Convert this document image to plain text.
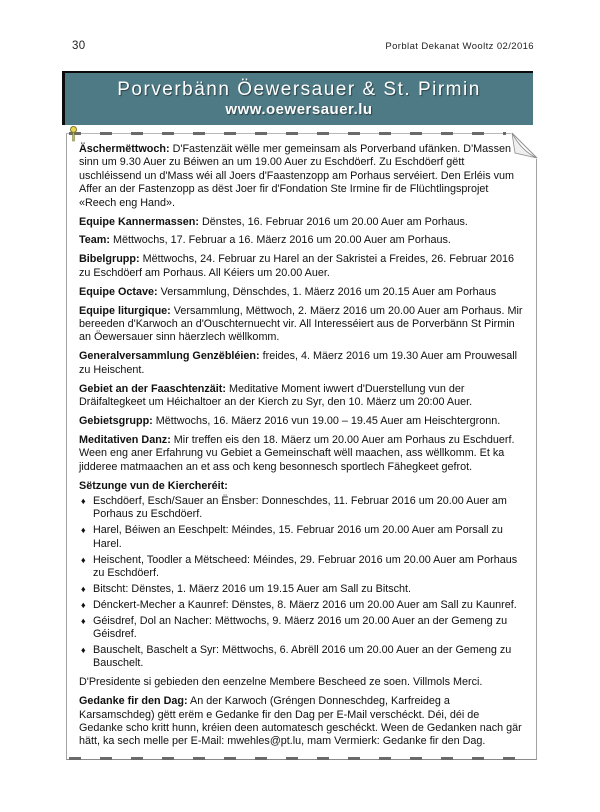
30	Porblat Dekanat Wooltz 02/2016
Porverbänn Öewersauer & St. Pirmin
www.oewersauer.lu

Äschermëttwoch: D'Fastenzäit wëlle mer gemeinsam als Porverband ufänken. D'Massen sinn um 9.30 Auer zu Béiwen an um 19.00 Auer zu Eschdöerf. Zu Eschdöerf gëtt uschléissend un d'Mass wéi all Joers d'Faastenzopp am Porhaus servéiert. Den Erléis vum Affer an der Fastenzopp as dëst Joer fir d'Fondation Ste Irmine fir de Flüchtlingsprojet «Reech eng Hand».

Equipe Kannermassen: Dënstes, 16. Februar 2016 um 20.00 Auer am Porhaus.

Team: Mëttwochs, 17. Februar a 16. Mäerz 2016 um 20.00 Auer am Porhaus.

Bibelgrupp: Mëttwochs, 24. Februar zu Harel an der Sakristei a Freides, 26. Februar 2016 zu Eschdöerf am Porhaus. All Kéiers um 20.00 Auer.

Equipe Octave: Versammlung, Dënschdes, 1. Mäerz 2016 um 20.15 Auer am Porhaus

Equipe liturgique: Versammlung, Mëttwoch, 2. Mäerz 2016 um 20.00 Auer am Porhaus. Mir bereeden d'Karwoch an d'Ouschternuecht vir. All Interesséiert aus de Porverbänn St Pirmin an Öewersauer sinn häerzlech wëllkomm.

Generalversammlung Genzëbléien: freides, 4. Mäerz 2016 um 19.30 Auer am Prouwesall zu Heischent.

Gebiet an der Faaschtenzäit: Meditative Moment iwwert d'Duerstellung vun der Dräifaltegkeet um Héichaltoer an der Kierch zu Syr, den 10. Mäerz um 20:00 Auer.

Gebietsgrupp: Mëttwochs, 16. Mäerz 2016 vun 19.00 – 19.45 Auer am Heischtergronn.

Meditativen Danz: Mir treffen eis den 18. Mäerz um 20.00 Auer am Porhaus zu Eschduerf. Ween eng aner Erfahrung vu Gebiet a Gemeinschaft wëll maachen, ass wëllkomm. Et ka jidderee matmaachen an et ass och keng besonnesch sportlech Fähegkeet gefrot.

Sëtzunge vun de Kiercheréit:

♦ Eschdöerf, Esch/Sauer an Ënsber: Donneschdes, 11. Februar 2016 um 20.00 Auer am Porhaus zu Eschdöerf.
♦ Harel, Béiwen an Eeschpelt: Méindes, 15. Februar 2016 um 20.00 Auer am Porsall zu Harel.
♦ Heischent, Toodler a Mëtscheed: Méindes, 29. Februar 2016 um 20.00 Auer am Porhaus zu Eschdöerf.
♦ Bitscht: Dënstes, 1. Mäerz 2016 um 19.15 Auer am Sall zu Bitscht.
♦ Dénckert-Mecher a Kaunref: Dënstes, 8. Mäerz 2016 um 20.00 Auer am Sall zu Kaunref.
♦ Géisdref, Dol an Nacher: Mëttwochs, 9. Mäerz 2016 um 20.00 Auer an der Gemeng zu Géisdref.
♦ Bauschelt, Baschelt a Syr: Mëttwochs, 6. Abrëll 2016 um 20.00 Auer an der Gemeng zu Bauschelt.

D'Presidente si gebieden den eenzelne Membere Bescheed ze soen. Villmols Merci.

Gedanke fir den Dag: An der Karwoch (Gréngen Donneschdeg, Karfreideg a Karsamschdeg) gëtt erëm e Gedanke fir den Dag per E-Mail verschéckt. Déi, déi de Gedanke scho kritt hunn, kréien deen automatesch geschéckt. Ween de Gedanken nach gär hätt, ka sech melle per E-Mail: mwehles@pt.lu, mam Vermierk: Gedanke fir den Dag.
